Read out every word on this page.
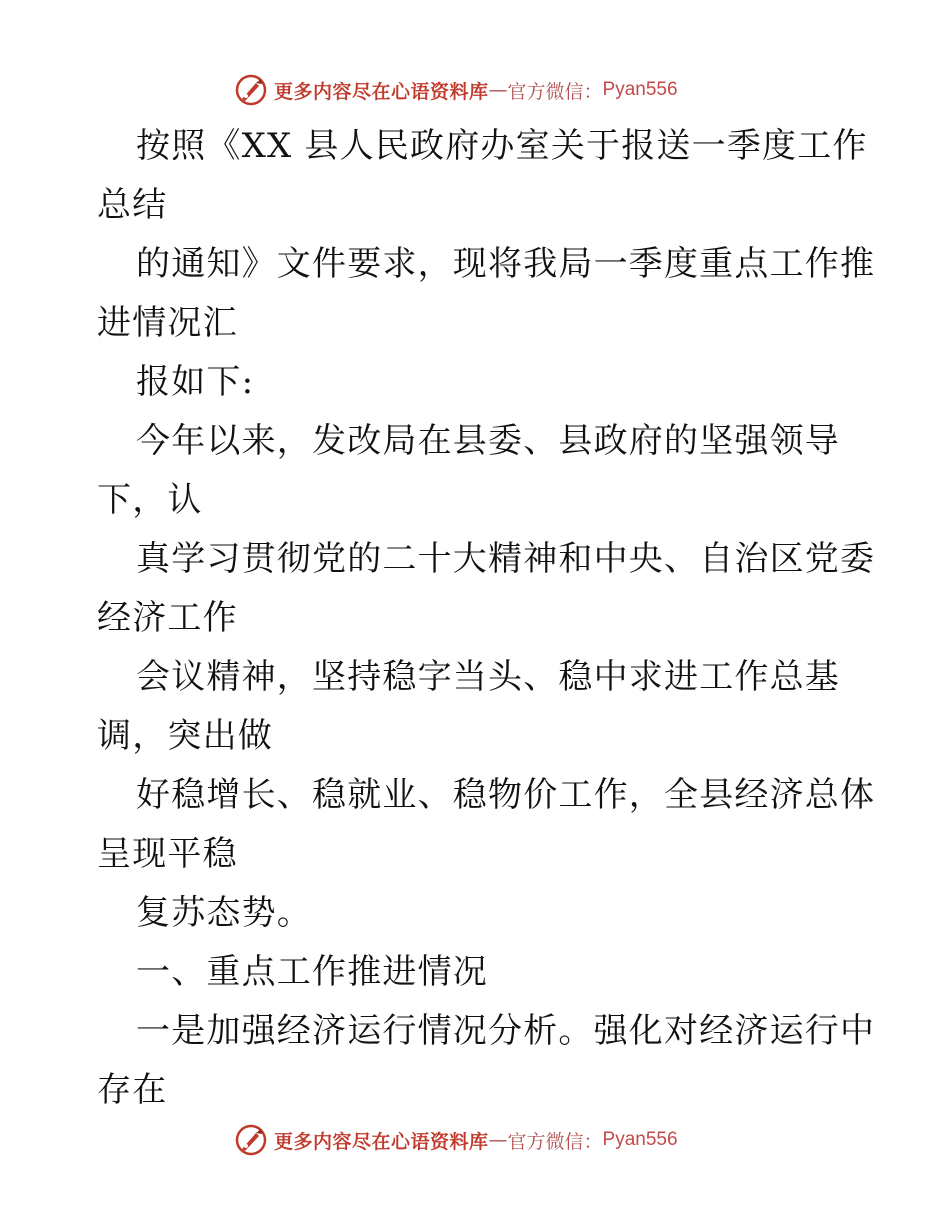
更多内容尽在心语资料库 — 官方微信： Pyan556
按照《XX 县人民政府办室关于报送一季度工作
总结
的通知》文件要求，现将我局一季度重点工作推
进情况汇
报如下:
今年以来，发改局在县委、县政府的坚强领导
下，认
真学习贯彻党的二十大精神和中央、自治区党委
经济工作
会议精神，坚持稳字当头、稳中求进工作总基
调，突出做
好稳增长、稳就业、稳物价工作，全县经济总体
呈现平稳
复苏态势。
一、重点工作推进情况
一是加强经济运行情况分析。强化对经济运行中
存在
更多内容尽在心语资料库 — 官方微信： Pyan556
